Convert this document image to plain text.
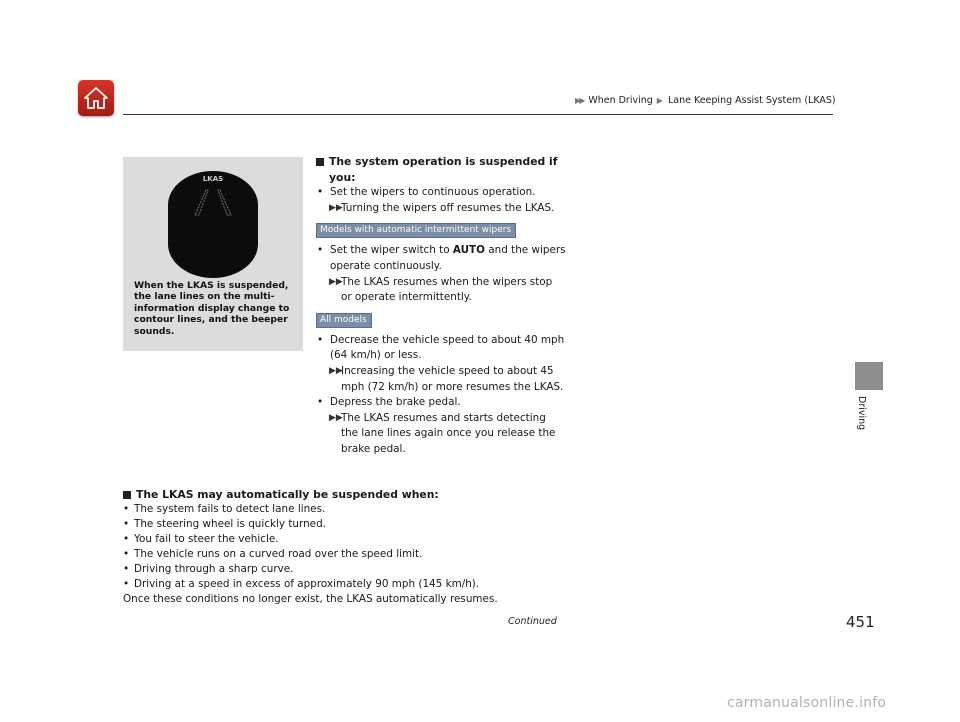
▶▶ When Driving ▶ Lane Keeping Assist System (LKAS)
LKAS
When the LKAS is suspended, the lane lines on the multi-information display change to contour lines, and the beeper sounds.
The system operation is suspended if you:
• Set the wipers to continuous operation.
▶▶
Turning the wipers off resumes the LKAS.
Models with automatic intermittent wipers
• Set the wiper switch to AUTO and the wipers operate continuously.
▶▶
The LKAS resumes when the wipers stop or operate intermittently.
All models
• Decrease the vehicle speed to about 40 mph (64 km/h) or less.
▶▶
Increasing the vehicle speed to about 45 mph (72 km/h) or more resumes the LKAS.
• Depress the brake pedal.
▶▶
The LKAS resumes and starts detecting the lane lines again once you release the brake pedal.
The LKAS may automatically be suspended when:
• The system fails to detect lane lines.
• The steering wheel is quickly turned.
• You fail to steer the vehicle.
• The vehicle runs on a curved road over the speed limit.
• Driving through a sharp curve.
• Driving at a speed in excess of approximately 90 mph (145 km/h).
Once these conditions no longer exist, the LKAS automatically resumes.
Driving
Continued	451
carmanualsonline.info
